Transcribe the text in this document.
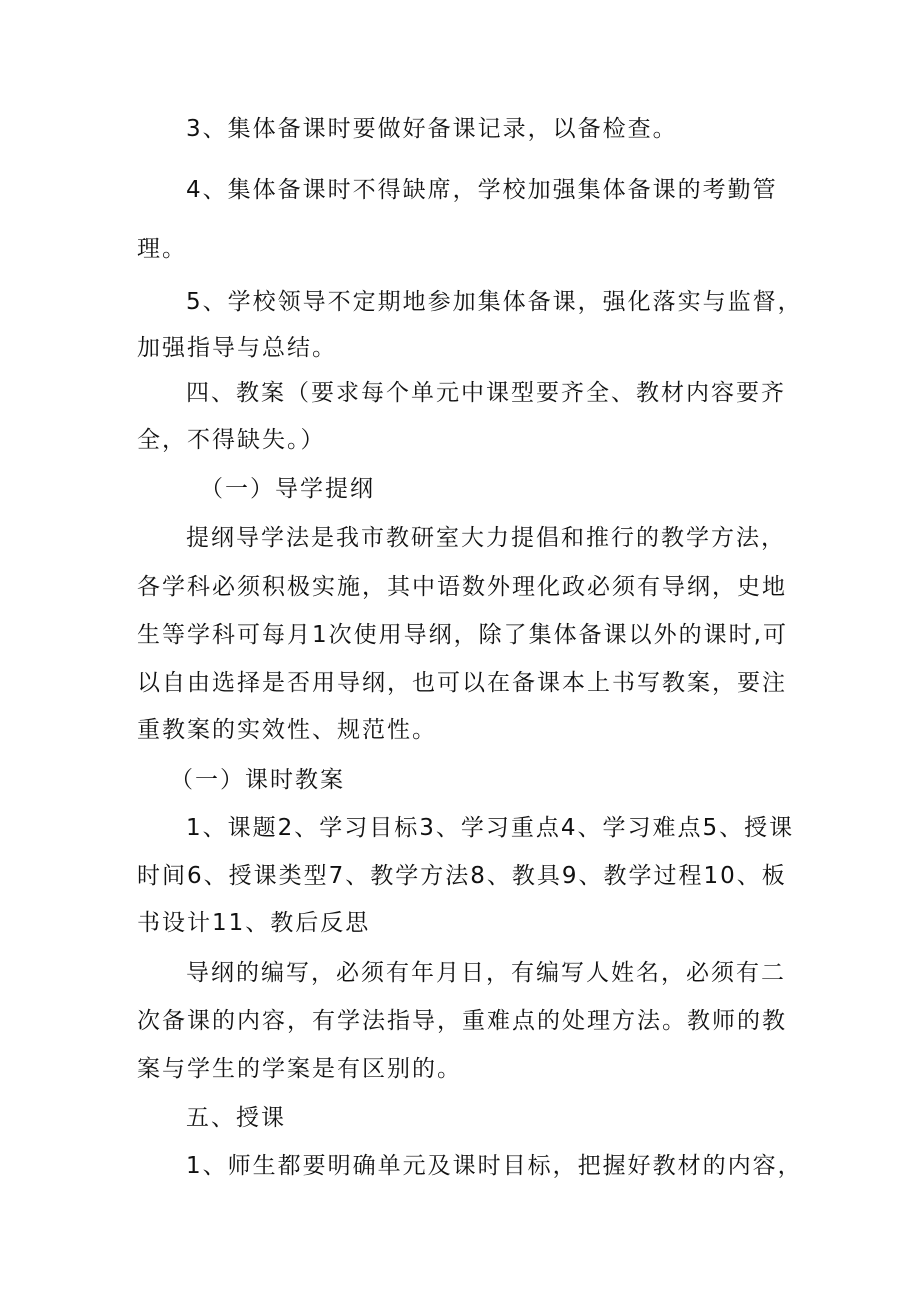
3、集体备课时要做好备课记录，以备检查。
4、集体备课时不得缺席，学校加强集体备课的考勤管
理。
5、学校领导不定期地参加集体备课，强化落实与监督，
加强指导与总结。
四、教案（要求每个单元中课型要齐全、教材内容要齐
全，不得缺失。）
（一）导学提纲
提纲导学法是我市教研室大力提倡和推行的教学方法，
各学科必须积极实施，其中语数外理化政必须有导纲，史地
生等学科可每月1次使用导纲，除了集体备课以外的课时,可
以自由选择是否用导纲，也可以在备课本上书写教案，要注
重教案的实效性、规范性。
（一）课时教案
1、课题2、学习目标3、学习重点4、学习难点5、授课
时间6、授课类型7、教学方法8、教具9、教学过程10、板
书设计11、教后反思
导纲的编写，必须有年月日，有编写人姓名，必须有二
次备课的内容，有学法指导，重难点的处理方法。教师的教
案与学生的学案是有区别的。
五、授课
1、师生都要明确单元及课时目标，把握好教材的内容，
